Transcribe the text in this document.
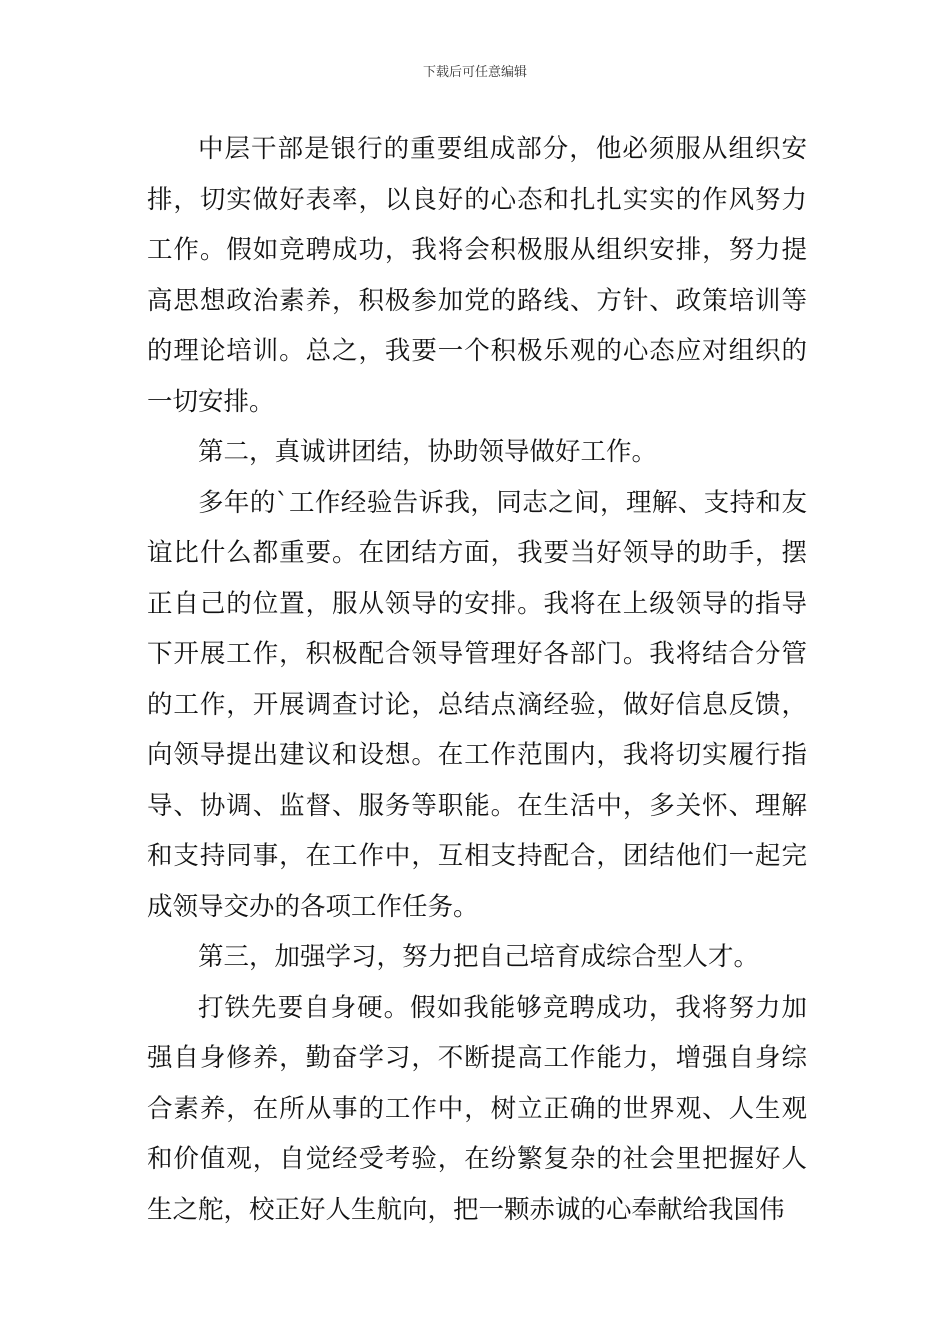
下载后可任意编辑

中层干部是银行的重要组成部分，他必须服从组织安排，切实做好表率，以良好的心态和扎扎实实的作风努力工作。假如竞聘成功，我将会积极服从组织安排，努力提高思想政治素养，积极参加党的路线、方针、政策培训等的理论培训。总之，我要一个积极乐观的心态应对组织的一切安排。

第二，真诚讲团结，协助领导做好工作。

多年的`工作经验告诉我，同志之间，理解、支持和友谊比什么都重要。在团结方面，我要当好领导的助手，摆正自己的位置，服从领导的安排。我将在上级领导的指导下开展工作，积极配合领导管理好各部门。我将结合分管的工作，开展调查讨论，总结点滴经验，做好信息反馈，向领导提出建议和设想。在工作范围内，我将切实履行指导、协调、监督、服务等职能。在生活中，多关怀、理解和支持同事，在工作中，互相支持配合，团结他们一起完成领导交办的各项工作任务。

第三，加强学习，努力把自己培育成综合型人才。

打铁先要自身硬。假如我能够竞聘成功，我将努力加强自身修养，勤奋学习，不断提高工作能力，增强自身综合素养，在所从事的工作中，树立正确的世界观、人生观和价值观，自觉经受考验，在纷繁复杂的社会里把握好人生之舵，校正好人生航向，把一颗赤诚的心奉献给我国伟
